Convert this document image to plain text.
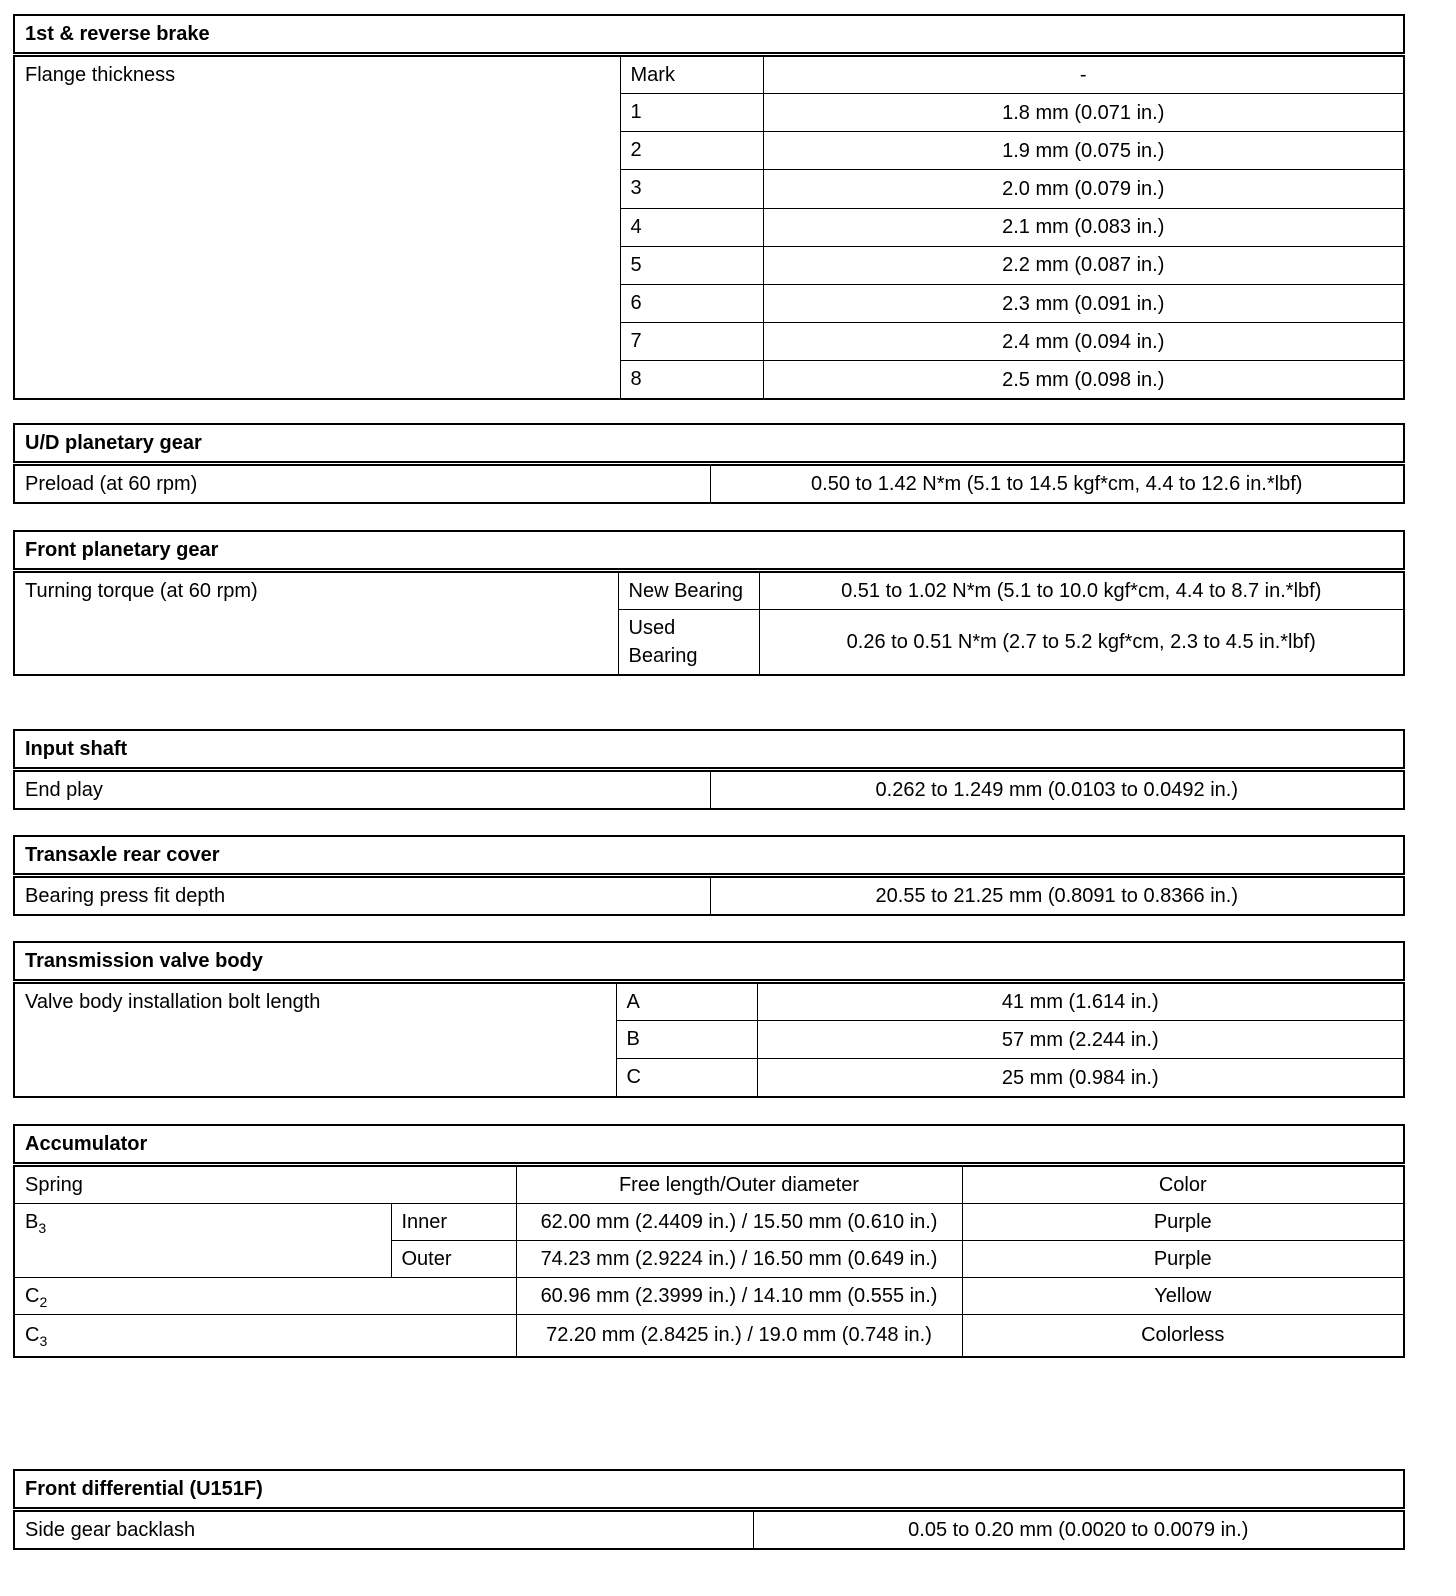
1st & reverse brake		
Flange thickness	Mark	-
	1	1.8 mm (0.071 in.)
	2	1.9 mm (0.075 in.)
	3	2.0 mm (0.079 in.)
	4	2.1 mm (0.083 in.)
	5	2.2 mm (0.087 in.)
	6	2.3 mm (0.091 in.)
	7	2.4 mm (0.094 in.)
	8	2.5 mm (0.098 in.)
U/D planetary gear
Preload (at 60 rpm)	0.50 to 1.42 N*m (5.1 to 14.5 kgf*cm, 4.4 to 12.6 in.*lbf)
Front planetary gear		
Turning torque (at 60 rpm)	New Bearing	0.51 to 1.02 N*m (5.1 to 10.0 kgf*cm, 4.4 to 8.7 in.*lbf)
	Used Bearing	0.26 to 0.51 N*m (2.7 to 5.2 kgf*cm, 2.3 to 4.5 in.*lbf)
Input shaft
End play	0.262 to 1.249 mm (0.0103 to 0.0492 in.)
Transaxle rear cover
Bearing press fit depth	20.55 to 21.25 mm (0.8091 to 0.8366 in.)
Transmission valve body		
Valve body installation bolt length	A	41 mm (1.614 in.)
	B	57 mm (2.244 in.)
	C	25 mm (0.984 in.)
Accumulator			
Spring		Free length/Outer diameter	Color
$B_3$	Inner	62.00 mm (2.4409 in.) / 15.50 mm (0.610 in.)	Purple
	Outer	74.23 mm (2.9224 in.) / 16.50 mm (0.649 in.)	Purple
$C_2$		60.96 mm (2.3999 in.) / 14.10 mm (0.555 in.)	Yellow
$C_3$		72.20 mm (2.8425 in.) / 19.0 mm (0.748 in.)	Colorless
Front differential (U151F)
Side gear backlash	0.05 to 0.20 mm (0.0020 to 0.0079 in.)
